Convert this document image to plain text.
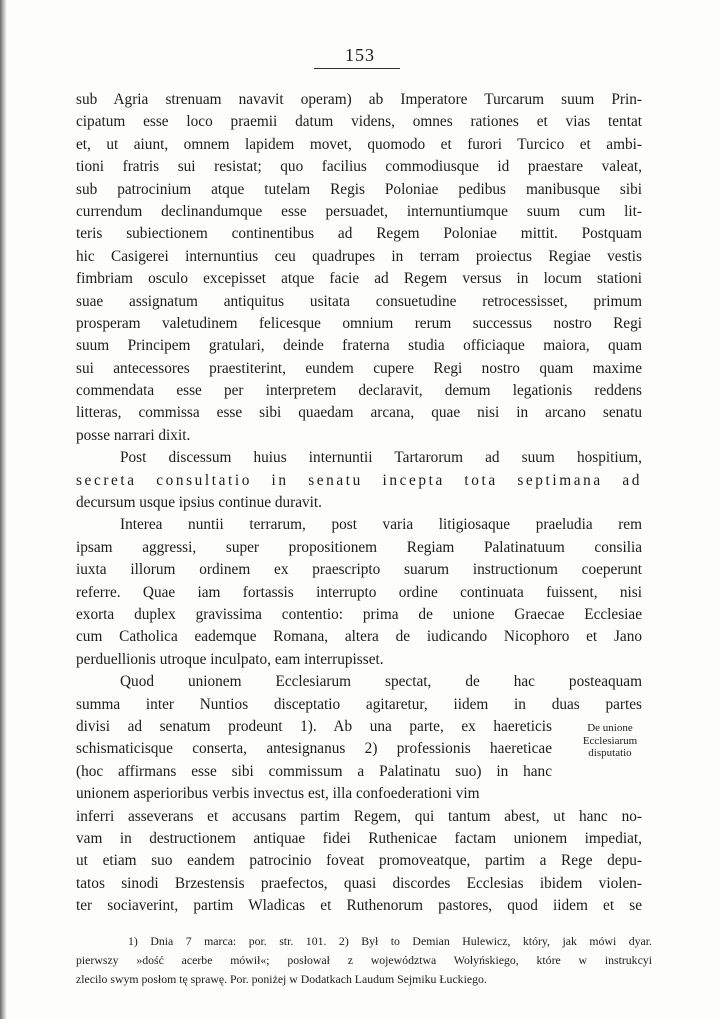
153
sub Agria strenuam navavit operam) ab Imperatore Turcarum suum Prin-
cipatum esse loco praemii datum videns, omnes rationes et vias tentat
et, ut aiunt, omnem lapidem movet, quomodo et furori Turcico et ambi-
tioni fratris sui resistat; quo facilius commodiusque id praestare valeat,
sub patrocinium atque tutelam Regis Poloniae pedibus manibusque sibi
currendum declinandumque esse persuadet, internuntiumque suum cum lit-
teris subiectionem continentibus ad Regem Poloniae mittit. Postquam
hic Casigerei internuntius ceu quadrupes in terram proiectus Regiae vestis
fimbriam osculo excepisset atque facie ad Regem versus in locum stationi
suae assignatum antiquitus usitata consuetudine retrocessisset, primum
prosperam valetudinem felicesque omnium rerum successus nostro Regi
suum Principem gratulari, deinde fraterna studia officiaque maiora, quam
sui antecessores praestiterint, eundem cupere Regi nostro quam maxime
commendata esse per interpretem declaravit, demum legationis reddens
litteras, commissa esse sibi quaedam arcana, quae nisi in arcano senatu
posse narrari dixit.
Post discessum huius internuntii Tartarorum ad suum hospitium,
secreta consultatio in senatu incepta tota septimana ad
decursum usque ipsius continue duravit.
Interea nuntii terrarum, post varia litigiosaque praeludia rem
ipsam aggressi, super propositionem Regiam Palatinatuum consilia
iuxta illorum ordinem ex praescripto suarum instructionum coeperunt
referre. Quae iam fortassis interrupto ordine continuata fuissent, nisi
exorta duplex gravissima contentio: prima de unione Graecae Ecclesiae
cum Catholica eademque Romana, altera de iudicando Nicophoro et Jano
perduellionis utroque inculpato, eam interrupisset.
Quod unionem Ecclesiarum spectat, de hac posteaquam
summa inter Nuntios disceptatio agitaretur, iidem in duas partes
divisi ad senatum prodeunt 1). Ab una parte, ex haereticis
schismaticisque conserta, antesignanus 2) professionis haereticae
(hoc affirmans esse sibi commissum a Palatinatu suo) in hanc
unionem asperioribus verbis invectus est, illa confoederationi vim
inferri asseverans et accusans partim Regem, qui tantum abest, ut hanc no-
vam in destructionem antiquae fidei Ruthenicae factam unionem impediat,
ut etiam suo eandem patrocinio foveat promoveatque, partim a Rege depu-
tatos sinodi Brzestensis praefectos, quasi discordes Ecclesias ibidem violen-
ter sociaverint, partim Wladicas et Ruthenorum pastores, quod iidem et se
De unione
Ecclesiarum
disputatio
1) Dnia 7 marca: por. str. 101. 2) Był to Demian Hulewicz, który, jak mówi dyar.
pierwszy »dość acerbe mówił«; posłował z województwa Wołyńskiego, które w instrukcyi
zlecilo swym posłom tę sprawę. Por. poniżej w Dodatkach Laudum Sejmiku Łuckiego.
